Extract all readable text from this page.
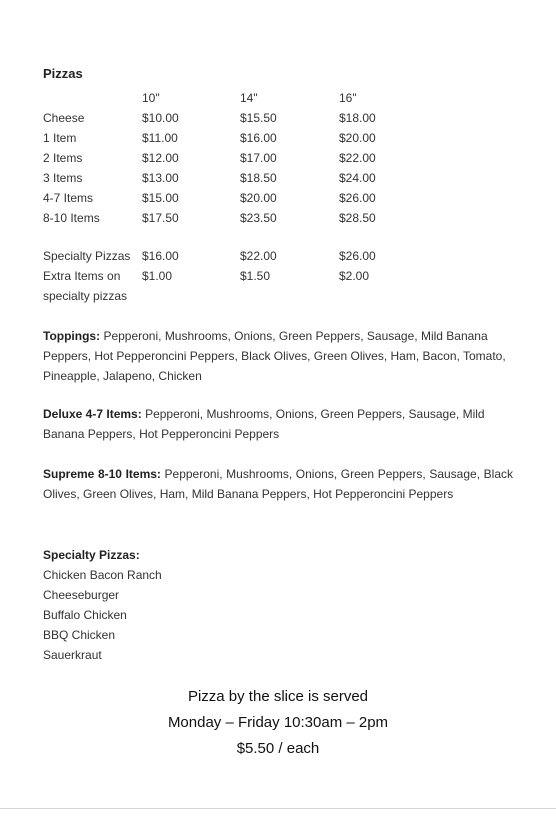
Pizzas
10"	14"	16"
Cheese	$10.00	$15.50	$18.00
1 Item	$11.00	$16.00	$20.00
2 Items	$12.00	$17.00	$22.00
3 Items	$13.00	$18.50	$24.00
4-7 Items	$15.00	$20.00	$26.00
8-10 Items	$17.50	$23.50	$28.50
Specialty Pizzas $16.00	$22.00	$26.00
Extra Items on $1.00	$1.50	$2.00
specialty pizzas
Toppings: Pepperoni, Mushrooms, Onions, Green Peppers, Sausage, Mild Banana Peppers, Hot Pepperoncini Peppers, Black Olives, Green Olives, Ham, Bacon, Tomato, Pineapple, Jalapeno, Chicken
Deluxe 4-7 Items: Pepperoni, Mushrooms, Onions, Green Peppers, Sausage, Mild Banana Peppers, Hot Pepperoncini Peppers
Supreme 8-10 Items: Pepperoni, Mushrooms, Onions, Green Peppers, Sausage, Black Olives, Green Olives, Ham, Mild Banana Peppers, Hot Pepperoncini Peppers
Specialty Pizzas:
Chicken Bacon Ranch
Cheeseburger
Buffalo Chicken
BBQ Chicken
Sauerkraut
Pizza by the slice is served
Monday – Friday 10:30am – 2pm
$5.50 / each
